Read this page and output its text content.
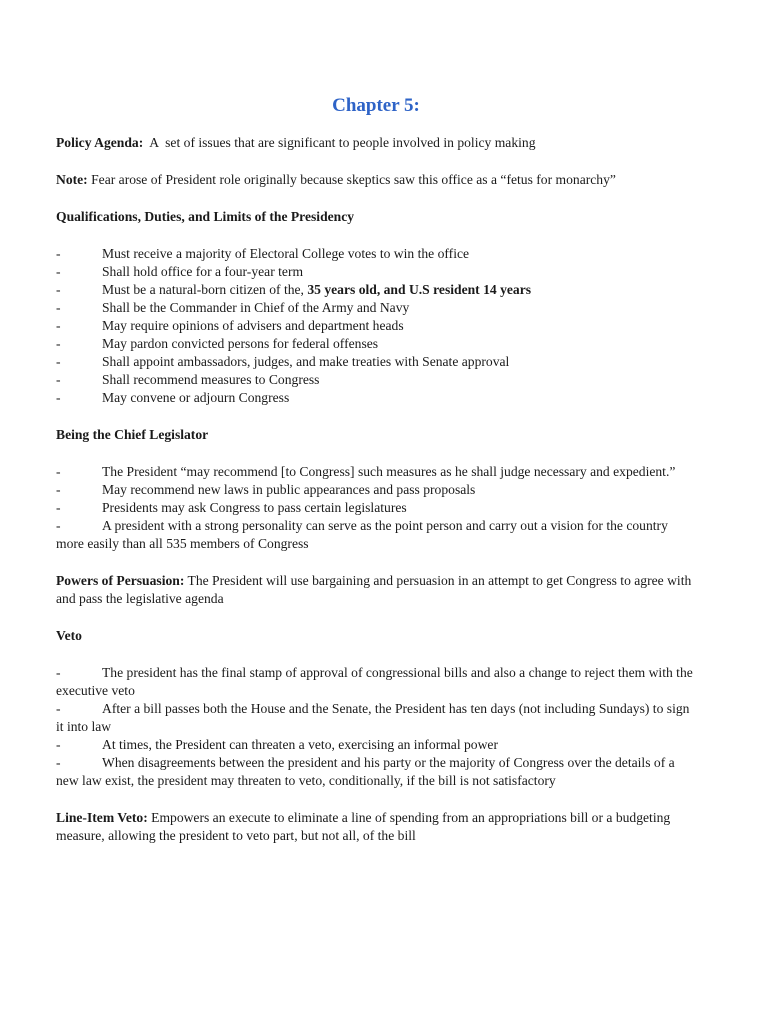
Chapter 5:

Policy Agenda:  A  set of issues that are significant to people involved in policy making

Note: Fear arose of President role originally because skeptics saw this office as a “fetus for monarchy”

Qualifications, Duties, and Limits of the Presidency

-	Must receive a majority of Electoral College votes to win the office
-	Shall hold office for a four-year term
-	Must be a natural-born citizen of the, 35 years old, and U.S resident 14 years
-	Shall be the Commander in Chief of the Army and Navy
-	May require opinions of advisers and department heads
-	May pardon convicted persons for federal offenses
-	Shall appoint ambassadors, judges, and make treaties with Senate approval
-	Shall recommend measures to Congress
-	May convene or adjourn Congress

Being the Chief Legislator

-	The President “may recommend [to Congress] such measures as he shall judge necessary and expedient.”
-	May recommend new laws in public appearances and pass proposals
-	Presidents may ask Congress to pass certain legislatures
-	A president with a strong personality can serve as the point person and carry out a vision for the country more easily than all 535 members of Congress

Powers of Persuasion: The President will use bargaining and persuasion in an attempt to get Congress to agree with and pass the legislative agenda

Veto

-	The president has the final stamp of approval of congressional bills and also a change to reject them with the executive veto
-	After a bill passes both the House and the Senate, the President has ten days (not including Sundays) to sign it into law
-	At times, the President can threaten a veto, exercising an informal power
-	When disagreements between the president and his party or the majority of Congress over the details of a new law exist, the president may threaten to veto, conditionally, if the bill is not satisfactory

Line-Item Veto: Empowers an execute to eliminate a line of spending from an appropriations bill or a budgeting measure, allowing the president to veto part, but not all, of the bill
